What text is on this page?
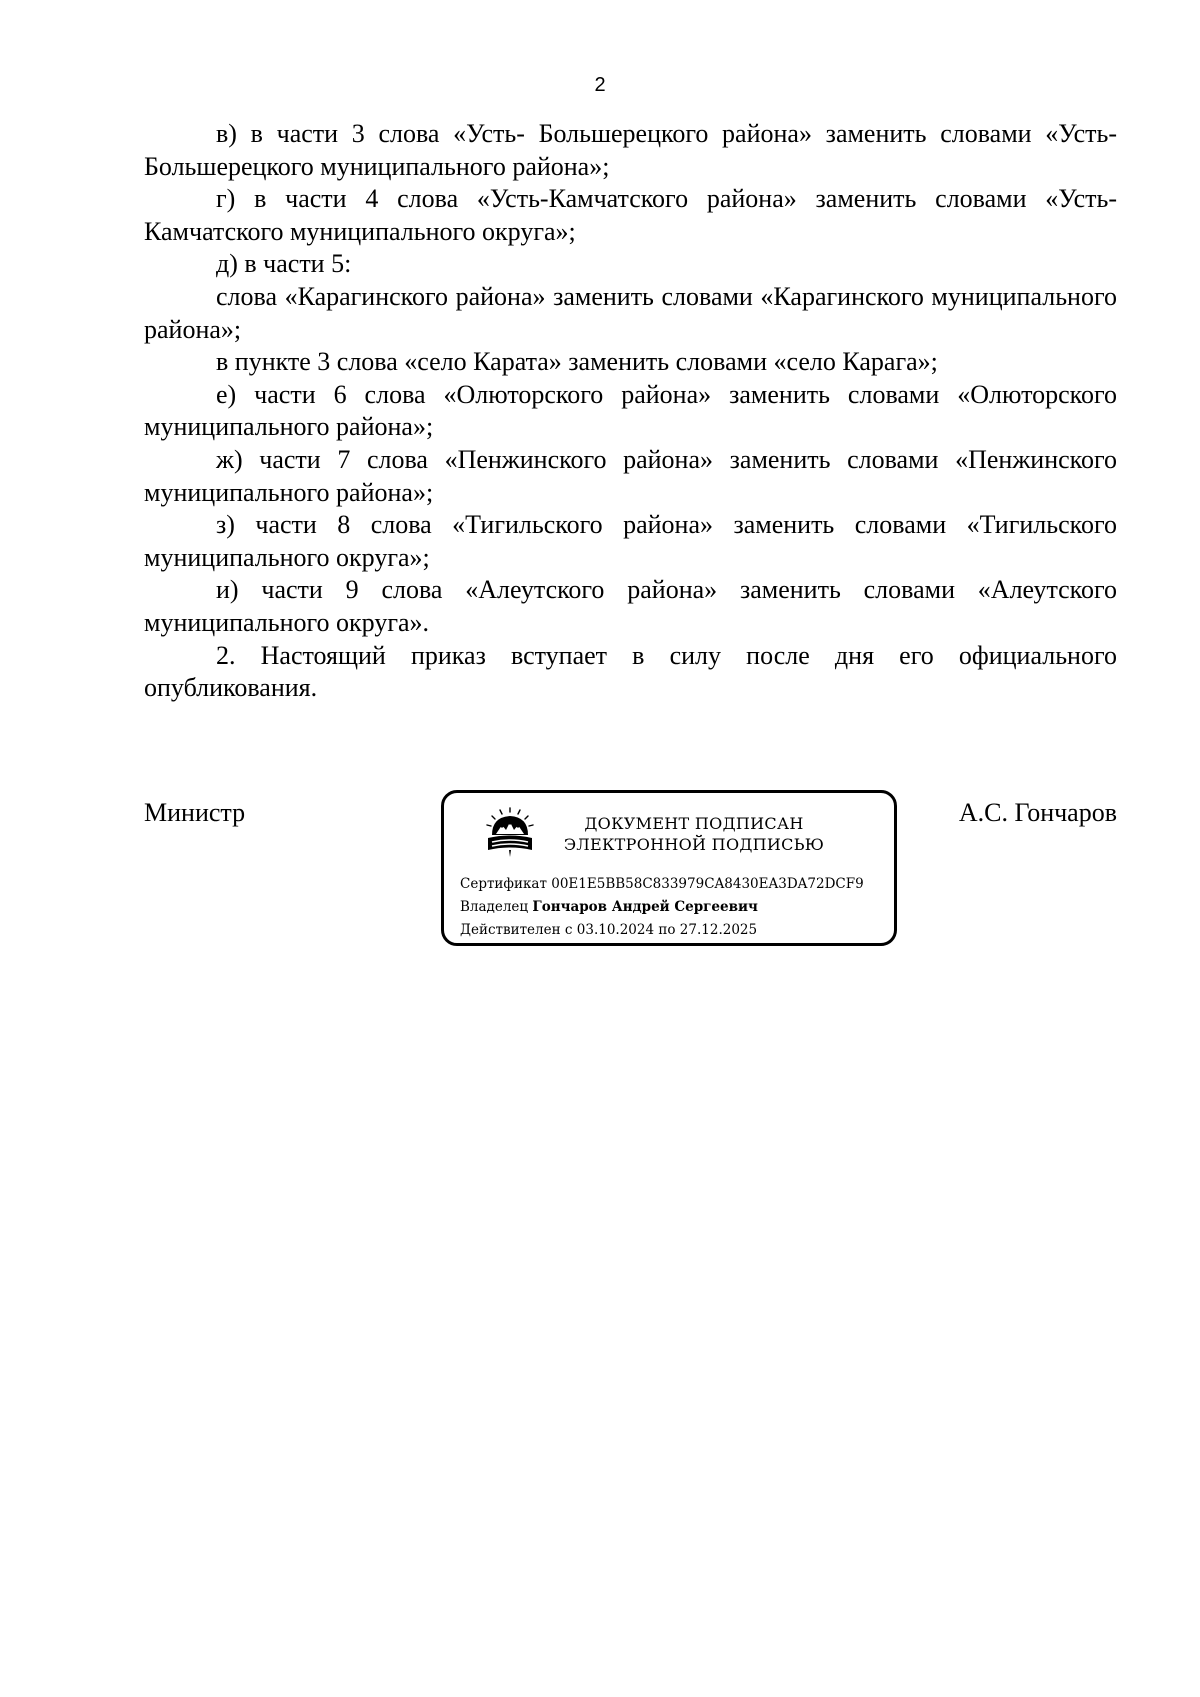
2

в) в части 3 слова «Усть- Большерецкого района» заменить словами «Усть-Большерецкого муниципального района»;

г) в части 4 слова «Усть-Камчатского района» заменить словами «Усть-Камчатского муниципального округа»;

д) в части 5:

слова «Карагинского района» заменить словами «Карагинского муниципального района»;

в пункте 3 слова «село Карата» заменить словами «село Карага»;

е) части 6 слова «Олюторского района» заменить словами «Олюторского муниципального района»;

ж) части 7 слова «Пенжинского района» заменить словами «Пенжинского муниципального района»;

з) части 8 слова «Тигильского района» заменить словами «Тигильского муниципального округа»;

и) части 9 слова «Алеутского района» заменить словами «Алеутского муниципального округа».

2. Настоящий приказ вступает в силу после дня его официального опубликования.

Министр	ДОКУМЕНТ ПОДПИСАН
ЭЛЕКТРОННОЙ ПОДПИСЬЮ
Сертификат 00E1E5BB58C833979CA8430EA3DA72DCF9
Владелец Гончаров Андрей Сергеевич
Действителен с 03.10.2024 по 27.12.2025
А.С. Гончаров
